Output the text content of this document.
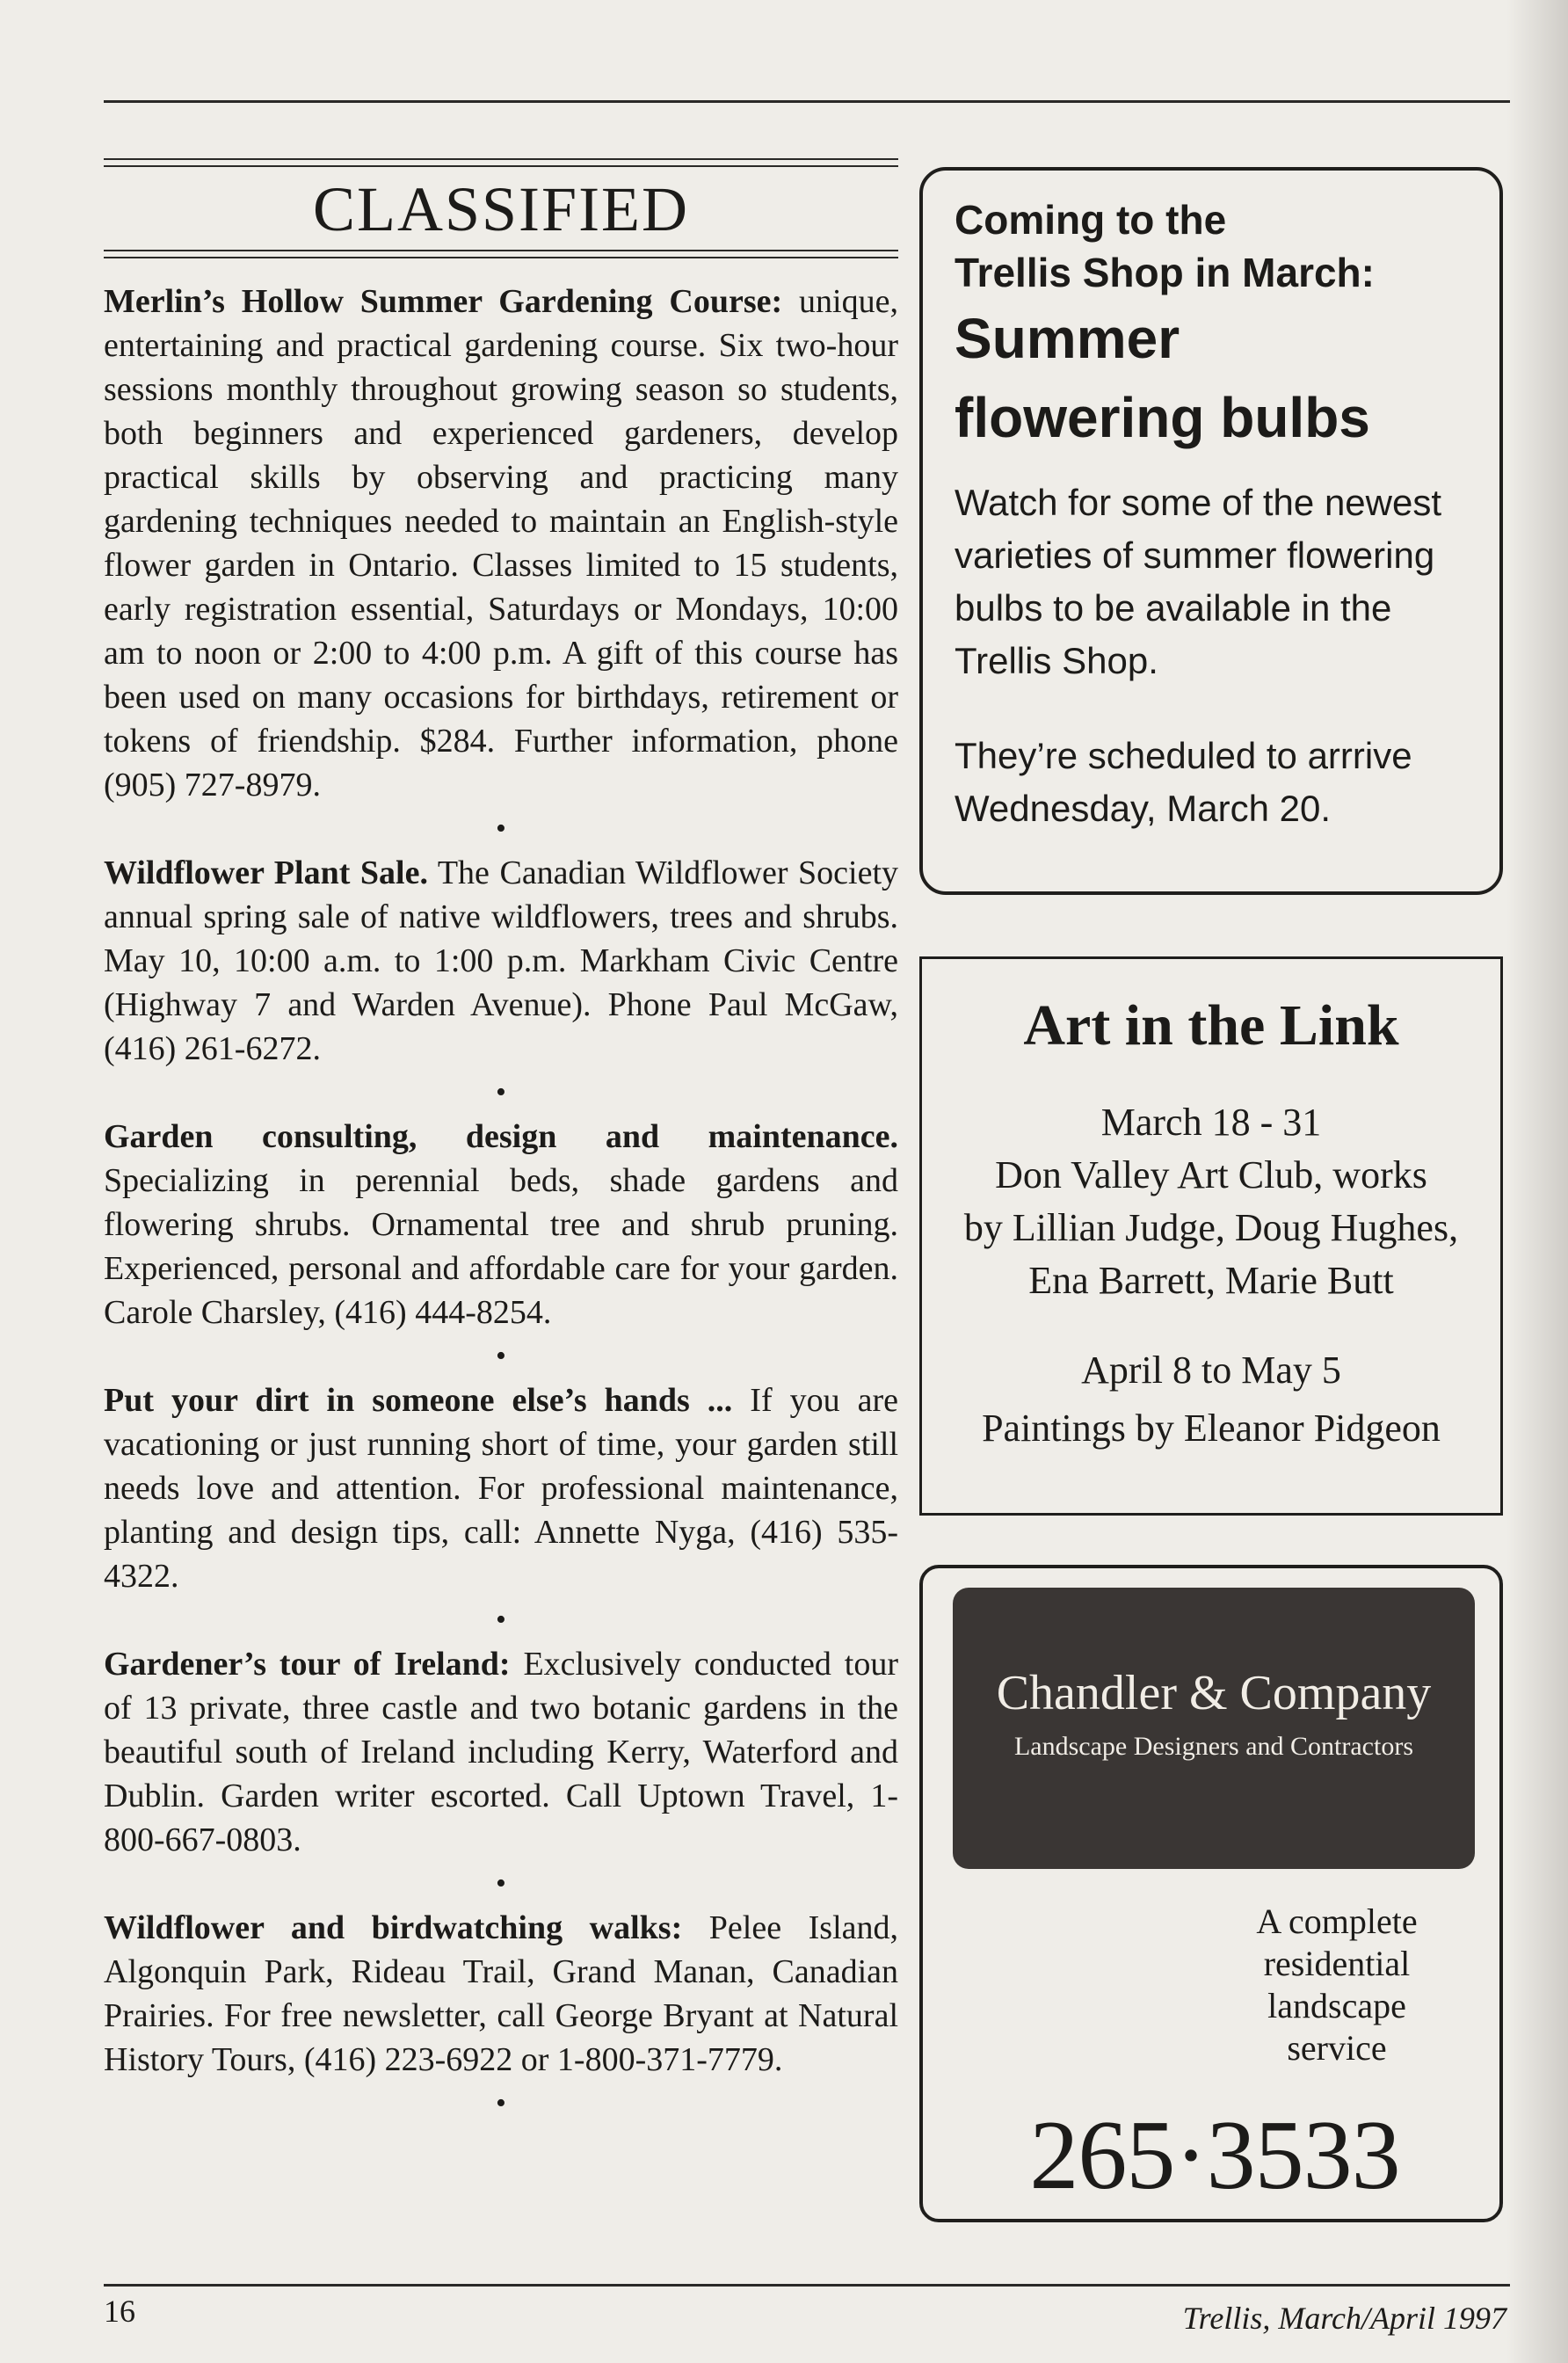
CLASSIFIED

Merlin’s Hollow Summer Gardening Course: unique, entertaining and practical gardening course. Six two-hour sessions monthly throughout growing season so students, both beginners and experienced gardeners, develop practical skills by observing and practicing many gardening techniques needed to maintain an English-style flower garden in Ontario. Classes limited to 15 students, early registration essential, Saturdays or Mondays, 10:00 am to noon or 2:00 to 4:00 p.m. A gift of this course has been used on many occasions for birthdays, retirement or tokens of friendship. $284. Further information, phone (905) 727-8979.

•

Wildflower Plant Sale. The Canadian Wildflower Society annual spring sale of native wildflowers, trees and shrubs. May 10, 10:00 a.m. to 1:00 p.m. Markham Civic Centre (Highway 7 and Warden Avenue). Phone Paul McGaw, (416) 261-6272.

•

Garden consulting, design and maintenance. Specializing in perennial beds, shade gardens and flowering shrubs. Ornamental tree and shrub pruning. Experienced, personal and affordable care for your garden. Carole Charsley, (416) 444-8254.

•

Put your dirt in someone else’s hands ... If you are vacationing or just running short of time, your garden still needs love and attention. For professional maintenance, planting and design tips, call: Annette Nyga, (416) 535-4322.

•

Gardener’s tour of Ireland: Exclusively conducted tour of 13 private, three castle and two botanic gardens in the beautiful south of Ireland including Kerry, Waterford and Dublin. Garden writer escorted. Call Uptown Travel, 1-800-667-0803.

•

Wildflower and birdwatching walks: Pelee Island, Algonquin Park, Rideau Trail, Grand Manan, Canadian Prairies. For free newsletter, call George Bryant at Natural History Tours, (416) 223-6922 or 1-800-371-7779.

•
Coming to the
Trellis Shop in March:
Summer
flowering bulbs
Watch for some of the newest varieties of summer flowering bulbs to be available in the Trellis Shop.
They’re scheduled to arrrive Wednesday, March 20.
Art in the Link
March 18 - 31
Don Valley Art Club, works
by Lillian Judge, Doug Hughes,
Ena Barrett, Marie Butt
April 8 to May 5
Paintings by Eleanor Pidgeon
Chandler & Company
Landscape Designers and Contractors
A complete
residential
landscape
service
265·3533
16	Trellis, March/April 1997
